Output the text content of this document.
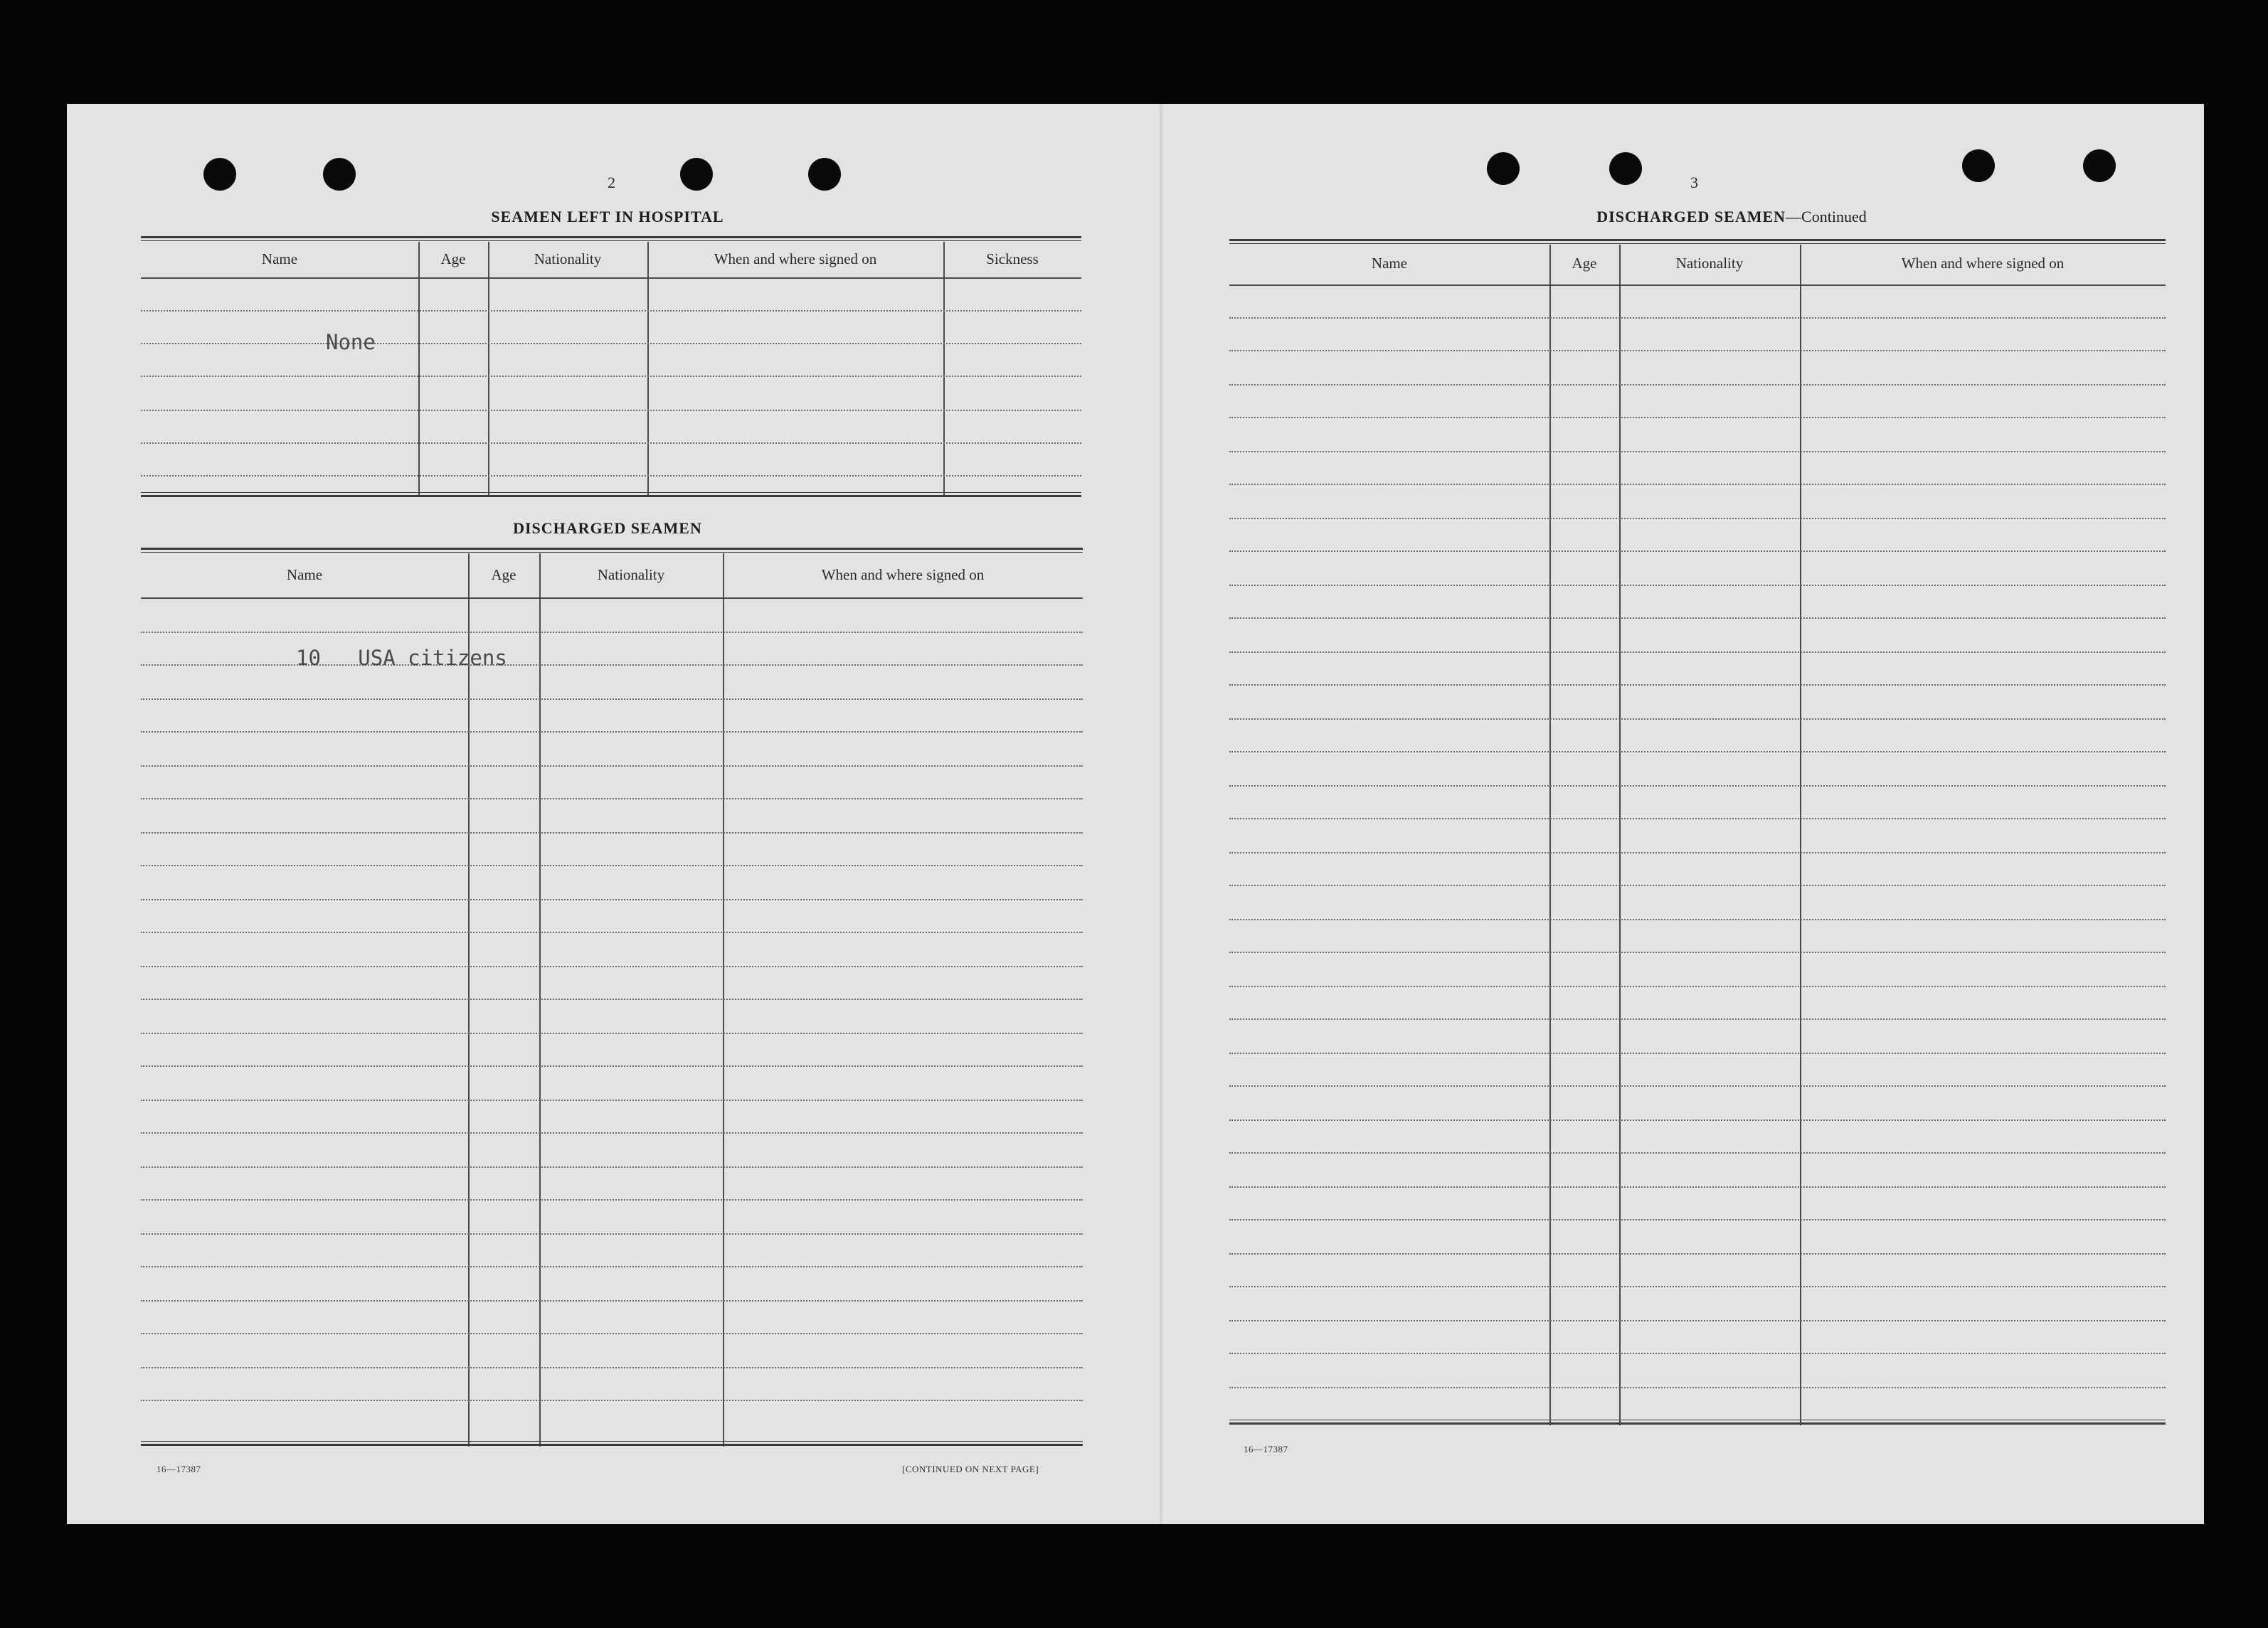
2
SEAMEN LEFT IN HOSPITAL
Name	Age	Nationality	When and where signed on	Sickness
None
DISCHARGED SEAMEN
Name	Age	Nationality	When and where signed on
10   USA citizens
16—17387	[CONTINUED ON NEXT PAGE]
3
DISCHARGED SEAMEN—Continued
Name	Age	Nationality	When and where signed on
16—17387
